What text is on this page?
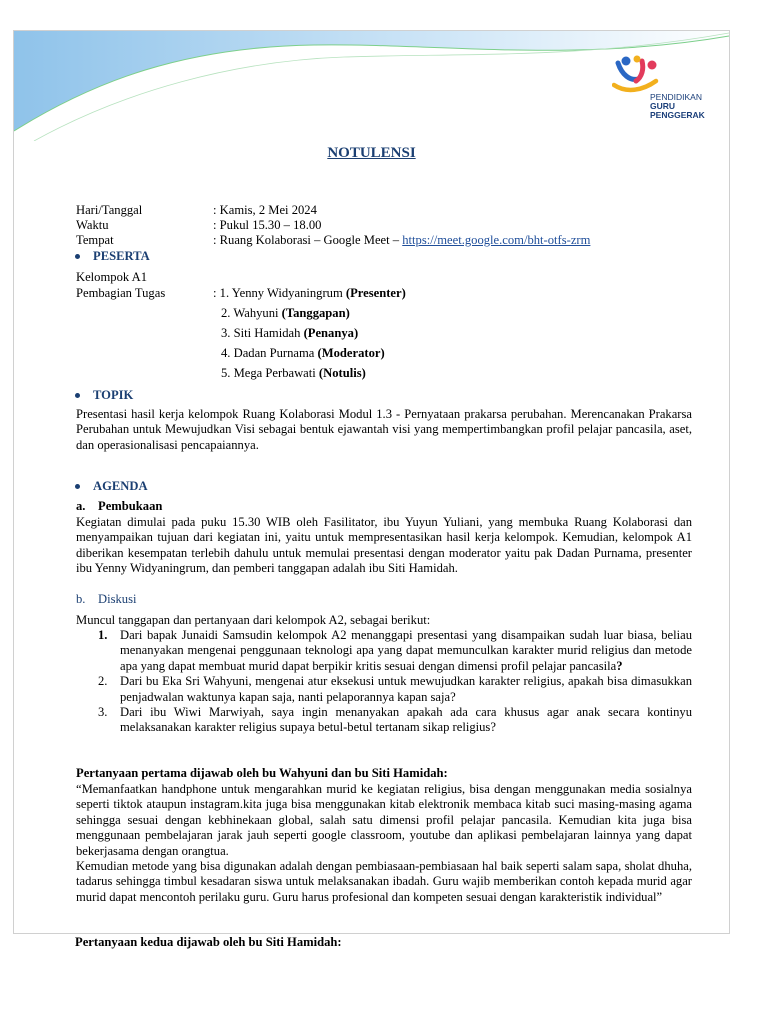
PENDIDIKAN
GURU
PENGGERAK
NOTULENSI
Hari/Tanggal	: Kamis, 2 Mei 2024
Waktu	: Pukul 15.30 – 18.00
Tempat	: Ruang Kolaborasi – Google Meet – https://meet.google.com/bht-otfs-zrm
PESERTA
Kelompok A1
Pembagian Tugas	: 1. Yenny Widyaningrum (Presenter)
2. Wahyuni (Tanggapan)
3. Siti Hamidah (Penanya)
4. Dadan Purnama (Moderator)
5. Mega Perbawati (Notulis)
TOPIK
Presentasi hasil kerja kelompok Ruang Kolaborasi Modul 1.3 - Pernyataan prakarsa perubahan. Merencanakan Prakarsa Perubahan untuk Mewujudkan Visi sebagai bentuk ejawantah visi yang mempertimbangkan profil pelajar pancasila, aset, dan operasionalisasi pencapaiannya.
AGENDA
a. Pembukaan
Kegiatan dimulai pada puku 15.30 WIB oleh Fasilitator, ibu Yuyun Yuliani, yang membuka Ruang Kolaborasi dan menyampaikan tujuan dari kegiatan ini, yaitu untuk mempresentasikan hasil kerja kelompok. Kemudian, kelompok A1 diberikan kesempatan terlebih dahulu untuk memulai presentasi dengan moderator yaitu pak Dadan Purnama, presenter ibu Yenny Widyaningrum, dan pemberi tanggapan adalah ibu Siti Hamidah.
b. Diskusi
Muncul tanggapan dan pertanyaan dari kelompok A2, sebagai berikut:
1. Dari bapak Junaidi Samsudin kelompok A2 menanggapi presentasi yang disampaikan sudah luar biasa, beliau menanyakan mengenai penggunaan teknologi apa yang dapat memunculkan karakter murid religius dan metode apa yang dapat membuat murid dapat berpikir kritis sesuai dengan dimensi profil pelajar pancasila?
2. Dari bu Eka Sri Wahyuni, mengenai atur eksekusi untuk mewujudkan karakter religius, apakah bisa dimasukkan penjadwalan waktunya kapan saja, nanti pelaporannya kapan saja?
3. Dari ibu Wiwi Marwiyah, saya ingin menanyakan apakah ada cara khusus agar anak secara kontinyu melaksanakan karakter religius supaya betul-betul tertanam sikap religius?
Pertanyaan pertama dijawab oleh bu Wahyuni dan bu Siti Hamidah:
“Memanfaatkan handphone untuk mengarahkan murid ke kegiatan religius, bisa dengan menggunakan media sosialnya seperti tiktok ataupun instagram.kita juga bisa menggunakan kitab elektronik membaca kitab suci masing-masing agama sehingga sesuai dengan kebhinekaan global, salah satu dimensi profil pelajar pancasila. Kemudian kita juga bisa menggunaan pembelajaran jarak jauh seperti google classroom, youtube dan aplikasi pembelajaran lainnya yang dapat bekerjasama dengan orangtua.
Kemudian metode yang bisa digunakan adalah dengan pembiasaan-pembiasaan hal baik seperti salam sapa, sholat dhuha, tadarus sehingga timbul kesadaran siswa untuk melaksanakan ibadah. Guru wajib memberikan contoh kepada murid agar murid dapat mencontoh perilaku guru. Guru harus profesional dan kompeten sesuai dengan karakteristik individual”
Pertanyaan kedua dijawab oleh bu Siti Hamidah:
